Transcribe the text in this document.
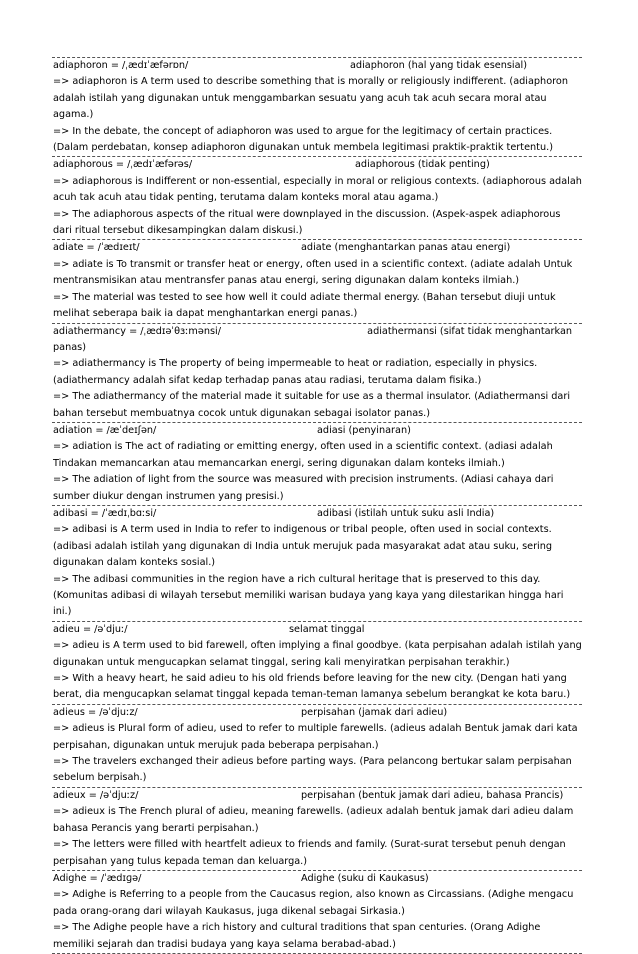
adiaphoron = /ˌædɪˈæfərɒn/	adiaphoron (hal yang tidak esensial)
=> adiaphoron is A term used to describe something that is morally or religiously indifferent. (adiaphoron adalah istilah yang digunakan untuk menggambarkan sesuatu yang acuh tak acuh secara moral atau agama.)
=> In the debate, the concept of adiaphoron was used to argue for the legitimacy of certain practices. (Dalam perdebatan, konsep adiaphoron digunakan untuk membela legitimasi praktik-praktik tertentu.)
adiaphorous = /ˌædɪˈæfərəs/	adiaphorous (tidak penting)
=> adiaphorous is Indifferent or non-essential, especially in moral or religious contexts. (adiaphorous adalah acuh tak acuh atau tidak penting, terutama dalam konteks moral atau agama.)
=> The adiaphorous aspects of the ritual were downplayed in the discussion. (Aspek-aspek adiaphorous dari ritual tersebut dikesampingkan dalam diskusi.)
adiate = /ˈædɪeɪt/	adiate (menghantarkan panas atau energi)
=> adiate is To transmit or transfer heat or energy, often used in a scientific context. (adiate adalah Untuk mentransmisikan atau mentransfer panas atau energi, sering digunakan dalam konteks ilmiah.)
=> The material was tested to see how well it could adiate thermal energy. (Bahan tersebut diuji untuk melihat seberapa baik ia dapat menghantarkan energi panas.)
adiathermancy = /ˌædɪəˈθɜːmənsi/	adiathermansi (sifat tidak menghantarkan panas)
=> adiathermancy is The property of being impermeable to heat or radiation, especially in physics. (adiathermancy adalah sifat kedap terhadap panas atau radiasi, terutama dalam fisika.)
=> The adiathermancy of the material made it suitable for use as a thermal insulator. (Adiathermansi dari bahan tersebut membuatnya cocok untuk digunakan sebagai isolator panas.)
adiation = /æˈdeɪʃən/	adiasi (penyinaran)
=> adiation is The act of radiating or emitting energy, often used in a scientific context. (adiasi adalah Tindakan memancarkan atau memancarkan energi, sering digunakan dalam konteks ilmiah.)
=> The adiation of light from the source was measured with precision instruments. (Adiasi cahaya dari sumber diukur dengan instrumen yang presisi.)
adibasi = /ˈædɪˌbɑːsi/	adibasi (istilah untuk suku asli India)
=> adibasi is A term used in India to refer to indigenous or tribal people, often used in social contexts. (adibasi adalah istilah yang digunakan di India untuk merujuk pada masyarakat adat atau suku, sering digunakan dalam konteks sosial.)
=> The adibasi communities in the region have a rich cultural heritage that is preserved to this day. (Komunitas adibasi di wilayah tersebut memiliki warisan budaya yang kaya yang dilestarikan hingga hari ini.)
adieu = /əˈdjuː/	selamat tinggal
=> adieu is A term used to bid farewell, often implying a final goodbye. (kata perpisahan adalah istilah yang digunakan untuk mengucapkan selamat tinggal, sering kali menyiratkan perpisahan terakhir.)
=> With a heavy heart, he said adieu to his old friends before leaving for the new city. (Dengan hati yang berat, dia mengucapkan selamat tinggal kepada teman-teman lamanya sebelum berangkat ke kota baru.)
adieus = /əˈdjuːz/	perpisahan (jamak dari adieu)
=> adieus is Plural form of adieu, used to refer to multiple farewells. (adieus adalah Bentuk jamak dari kata perpisahan, digunakan untuk merujuk pada beberapa perpisahan.)
=> The travelers exchanged their adieus before parting ways. (Para pelancong bertukar salam perpisahan sebelum berpisah.)
adieux = /əˈdjuːz/	perpisahan (bentuk jamak dari adieu, bahasa Prancis)
=> adieux is The French plural of adieu, meaning farewells. (adieux adalah bentuk jamak dari adieu dalam bahasa Perancis yang berarti perpisahan.)
=> The letters were filled with heartfelt adieux to friends and family. (Surat-surat tersebut penuh dengan perpisahan yang tulus kepada teman dan keluarga.)
Adighe = /ˈædɪɡə/	Adighe (suku di Kaukasus)
=> Adighe is Referring to a people from the Caucasus region, also known as Circassians. (Adighe mengacu pada orang-orang dari wilayah Kaukasus, juga dikenal sebagai Sirkasia.)
=> The Adighe people have a rich history and cultural traditions that span centuries. (Orang Adighe memiliki sejarah dan tradisi budaya yang kaya selama berabad-abad.)
